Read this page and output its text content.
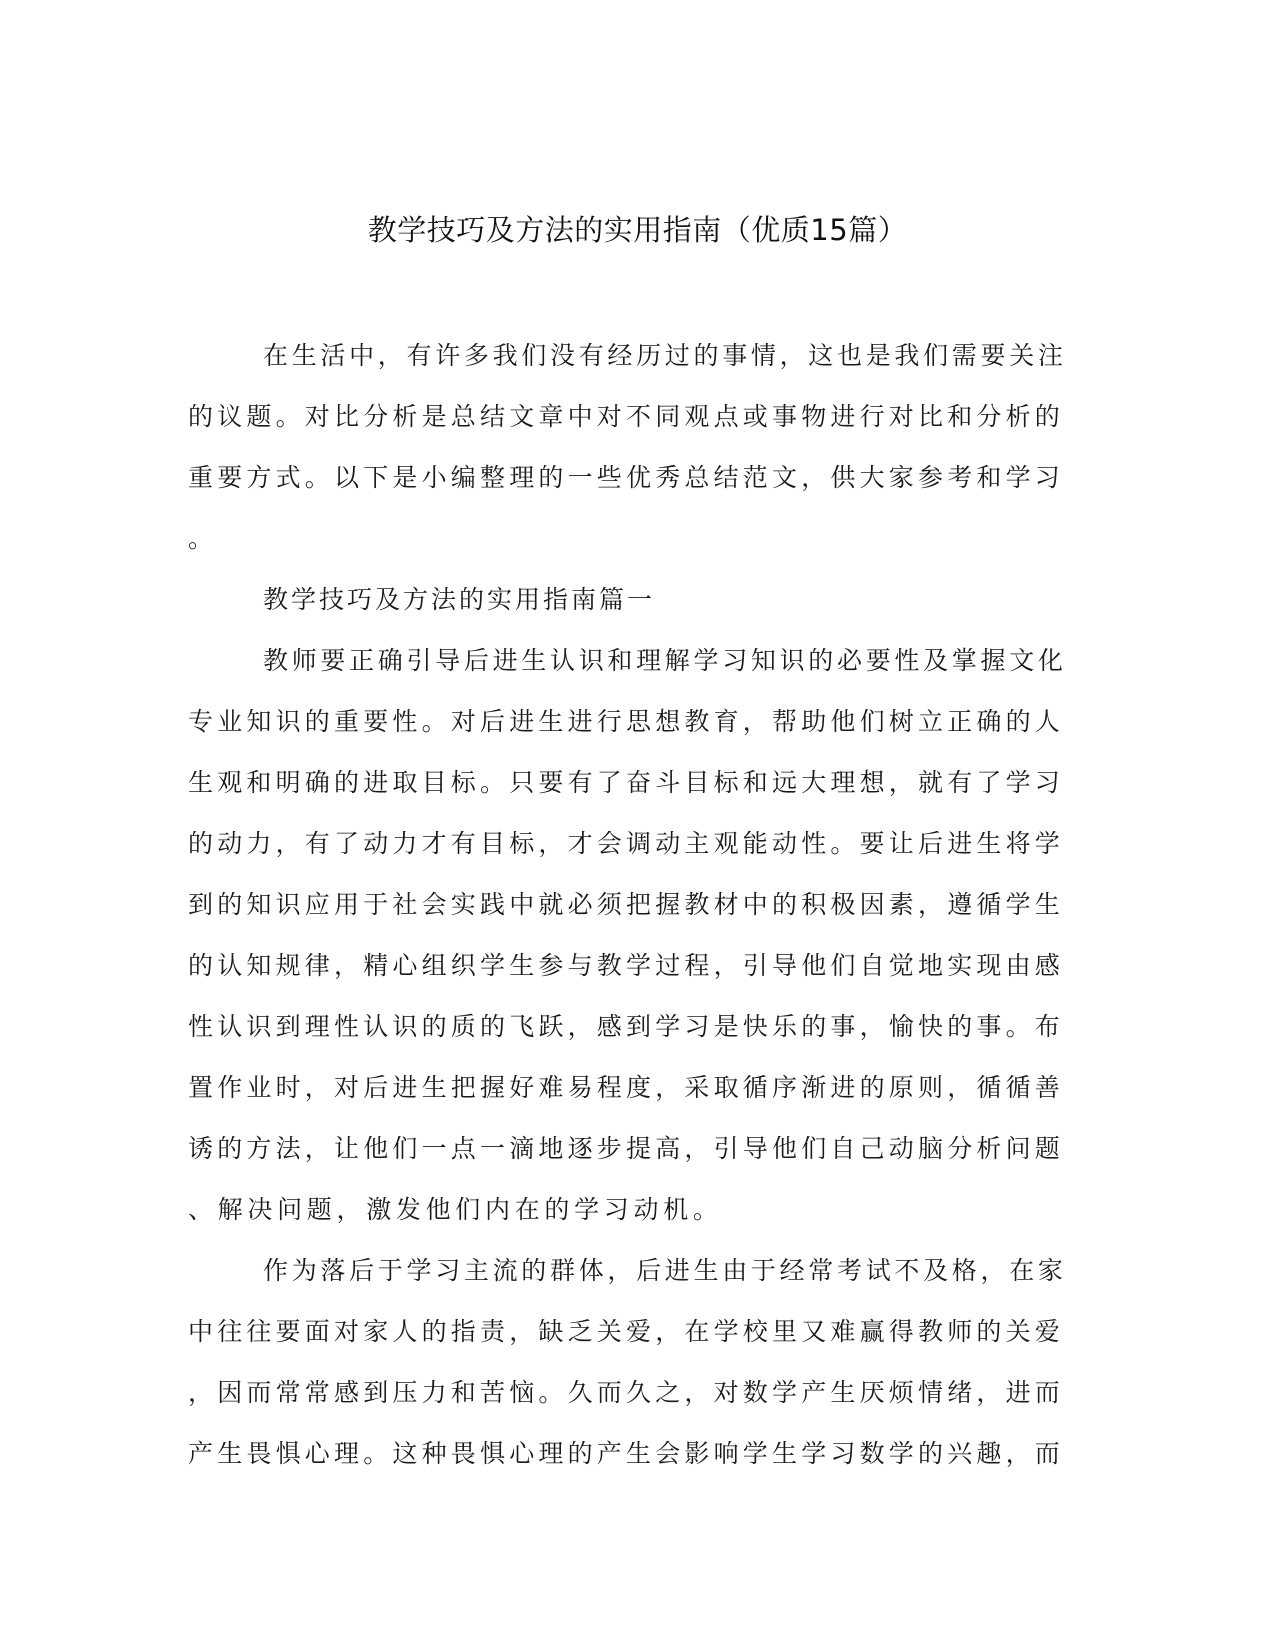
教学技巧及方法的实用指南（优质15篇）
在生活中，有许多我们没有经历过的事情，这也是我们需要关注
的议题。对比分析是总结文章中对不同观点或事物进行对比和分析的
重要方式。以下是小编整理的一些优秀总结范文，供大家参考和学习
。
教学技巧及方法的实用指南篇一
教师要正确引导后进生认识和理解学习知识的必要性及掌握文化
专业知识的重要性。对后进生进行思想教育，帮助他们树立正确的人
生观和明确的进取目标。只要有了奋斗目标和远大理想，就有了学习
的动力，有了动力才有目标，才会调动主观能动性。要让后进生将学
到的知识应用于社会实践中就必须把握教材中的积极因素，遵循学生
的认知规律，精心组织学生参与教学过程，引导他们自觉地实现由感
性认识到理性认识的质的飞跃，感到学习是快乐的事，愉快的事。布
置作业时，对后进生把握好难易程度，采取循序渐进的原则，循循善
诱的方法，让他们一点一滴地逐步提高，引导他们自己动脑分析问题
、解决问题，激发他们内在的学习动机。
作为落后于学习主流的群体，后进生由于经常考试不及格，在家
中往往要面对家人的指责，缺乏关爱，在学校里又难赢得教师的关爱
，因而常常感到压力和苦恼。久而久之，对数学产生厌烦情绪，进而
产生畏惧心理。这种畏惧心理的产生会影响学生学习数学的兴趣，而
